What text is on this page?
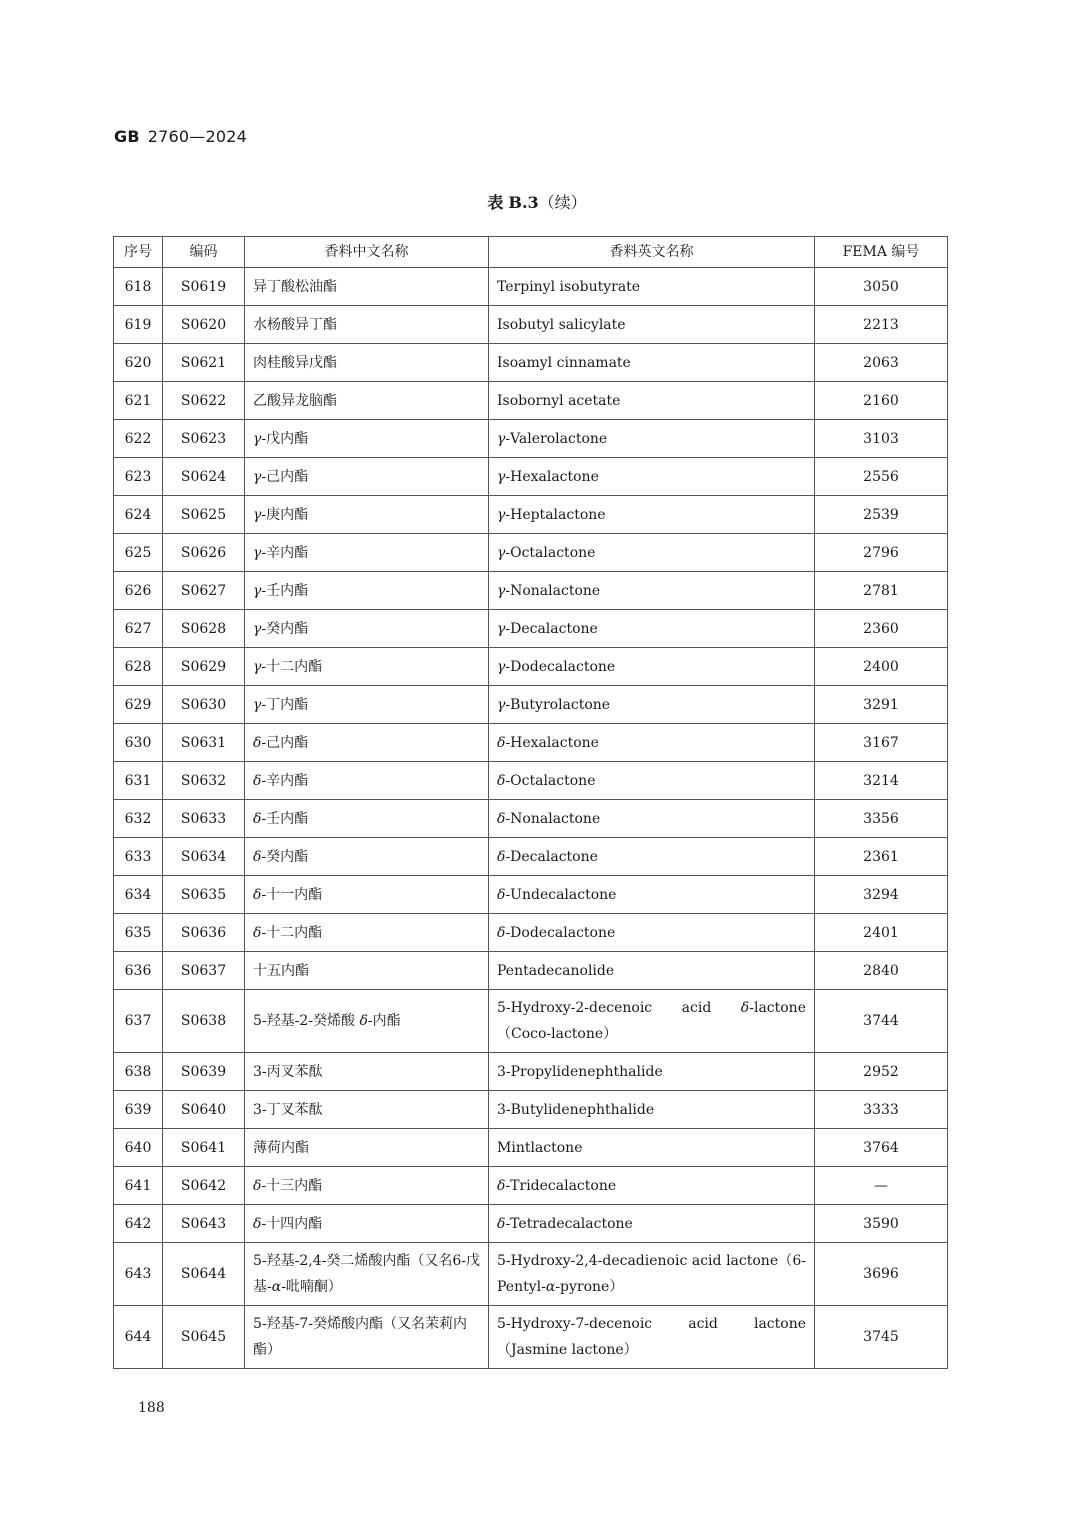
GB 2760—2024
表 B.3（续）
序号	编码	香料中文名称	香料英文名称	FEMA 编号
618	S0619	异丁酸松油酯	Terpinyl isobutyrate	3050
619	S0620	水杨酸异丁酯	Isobutyl salicylate	2213
620	S0621	肉桂酸异戊酯	Isoamyl cinnamate	2063
621	S0622	乙酸异龙脑酯	Isobornyl acetate	2160
622	S0623	γ-戊内酯	γ-Valerolactone	3103
623	S0624	γ-己内酯	γ-Hexalactone	2556
624	S0625	γ-庚内酯	γ-Heptalactone	2539
625	S0626	γ-辛内酯	γ-Octalactone	2796
626	S0627	γ-壬内酯	γ-Nonalactone	2781
627	S0628	γ-癸内酯	γ-Decalactone	2360
628	S0629	γ-十二内酯	γ-Dodecalactone	2400
629	S0630	γ-丁内酯	γ-Butyrolactone	3291
630	S0631	δ-己内酯	δ-Hexalactone	3167
631	S0632	δ-辛内酯	δ-Octalactone	3214
632	S0633	δ-壬内酯	δ-Nonalactone	3356
633	S0634	δ-癸内酯	δ-Decalactone	2361
634	S0635	δ-十一内酯	δ-Undecalactone	3294
635	S0636	δ-十二内酯	δ-Dodecalactone	2401
636	S0637	十五内酯	Pentadecanolide	2840
637	S0638	5-羟基-2-癸烯酸 δ-内酯	5-Hydroxy-2-decenoic acid δ-lactone（Coco-lactone）	3744
638	S0639	3-丙叉苯酞	3-Propylidenephthalide	2952
639	S0640	3-丁叉苯酞	3-Butylidenephthalide	3333
640	S0641	薄荷内酯	Mintlactone	3764
641	S0642	δ-十三内酯	δ-Tridecalactone	—
642	S0643	δ-十四内酯	δ-Tetradecalactone	3590
643	S0644	5-羟基-2,4-癸二烯酸内酯（又名6-戊基-α-吡喃酮）	5-Hydroxy-2,4-decadienoic acid lactone（6-Pentyl-α-pyrone）	3696
644	S0645	5-羟基-7-癸烯酸内酯（又名茉莉内酯）	5-Hydroxy-7-decenoic acid lactone（Jasmine lactone）	3745
188
